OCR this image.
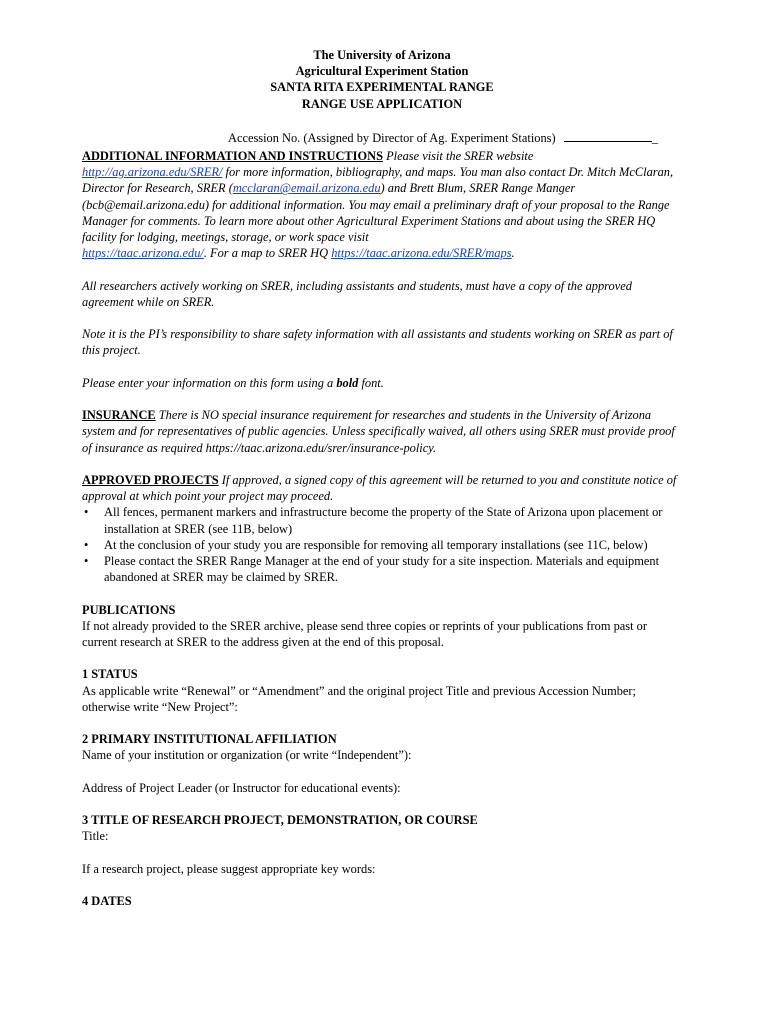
The University of Arizona
Agricultural Experiment Station
SANTA RITA EXPERIMENTAL RANGE
RANGE USE APPLICATION
Accession No. (Assigned by Director of Ag. Experiment Stations)	_

ADDITIONAL INFORMATION AND INSTRUCTIONS Please visit the SRER website
http://ag.arizona.edu/SRER/ for more information, bibliography, and maps. You man also contact Dr. Mitch McClaran, Director for Research, SRER (mcclaran@email.arizona.edu) and Brett Blum, SRER Range Manger (bcb@email.arizona.edu) for additional information. You may email a preliminary draft of your proposal to the Range Manager for comments. To learn more about other Agricultural Experiment Stations and about using the SRER HQ facility for lodging, meetings, storage, or work space visit
https://taac.arizona.edu/. For a map to SRER HQ https://taac.arizona.edu/SRER/maps.

All researchers actively working on SRER, including assistants and students, must have a copy of the approved agreement while on SRER.

Note it is the PI’s responsibility to share safety information with all assistants and students working on SRER as part of this project.

Please enter your information on this form using a bold font.

INSURANCE There is NO special insurance requirement for researches and students in the University of Arizona system and for representatives of public agencies. Unless specifically waived, all others using SRER must provide proof of insurance as required https://taac.arizona.edu/srer/insurance-policy.

APPROVED PROJECTS If approved, a signed copy of this agreement will be returned to you and constitute notice of approval at which point your project may proceed.

• All fences, permanent markers and infrastructure become the property of the State of Arizona upon placement or installation at SRER (see 11B, below)
• At the conclusion of your study you are responsible for removing all temporary installations (see 11C, below)
• Please contact the SRER Range Manager at the end of your study for a site inspection. Materials and equipment abandoned at SRER may be claimed by SRER.
PUBLICATIONS

If not already provided to the SRER archive, please send three copies or reprints of your publications from past or current research at SRER to the address given at the end of this proposal.

1 STATUS

As applicable write “Renewal” or “Amendment” and the original project Title and previous Accession Number; otherwise write “New Project”:

2 PRIMARY INSTITUTIONAL AFFILIATION

Name of your institution or organization (or write “Independent”):

Address of Project Leader (or Instructor for educational events):

3 TITLE OF RESEARCH PROJECT, DEMONSTRATION, OR COURSE

Title:

If a research project, please suggest appropriate key words:

4 DATES
